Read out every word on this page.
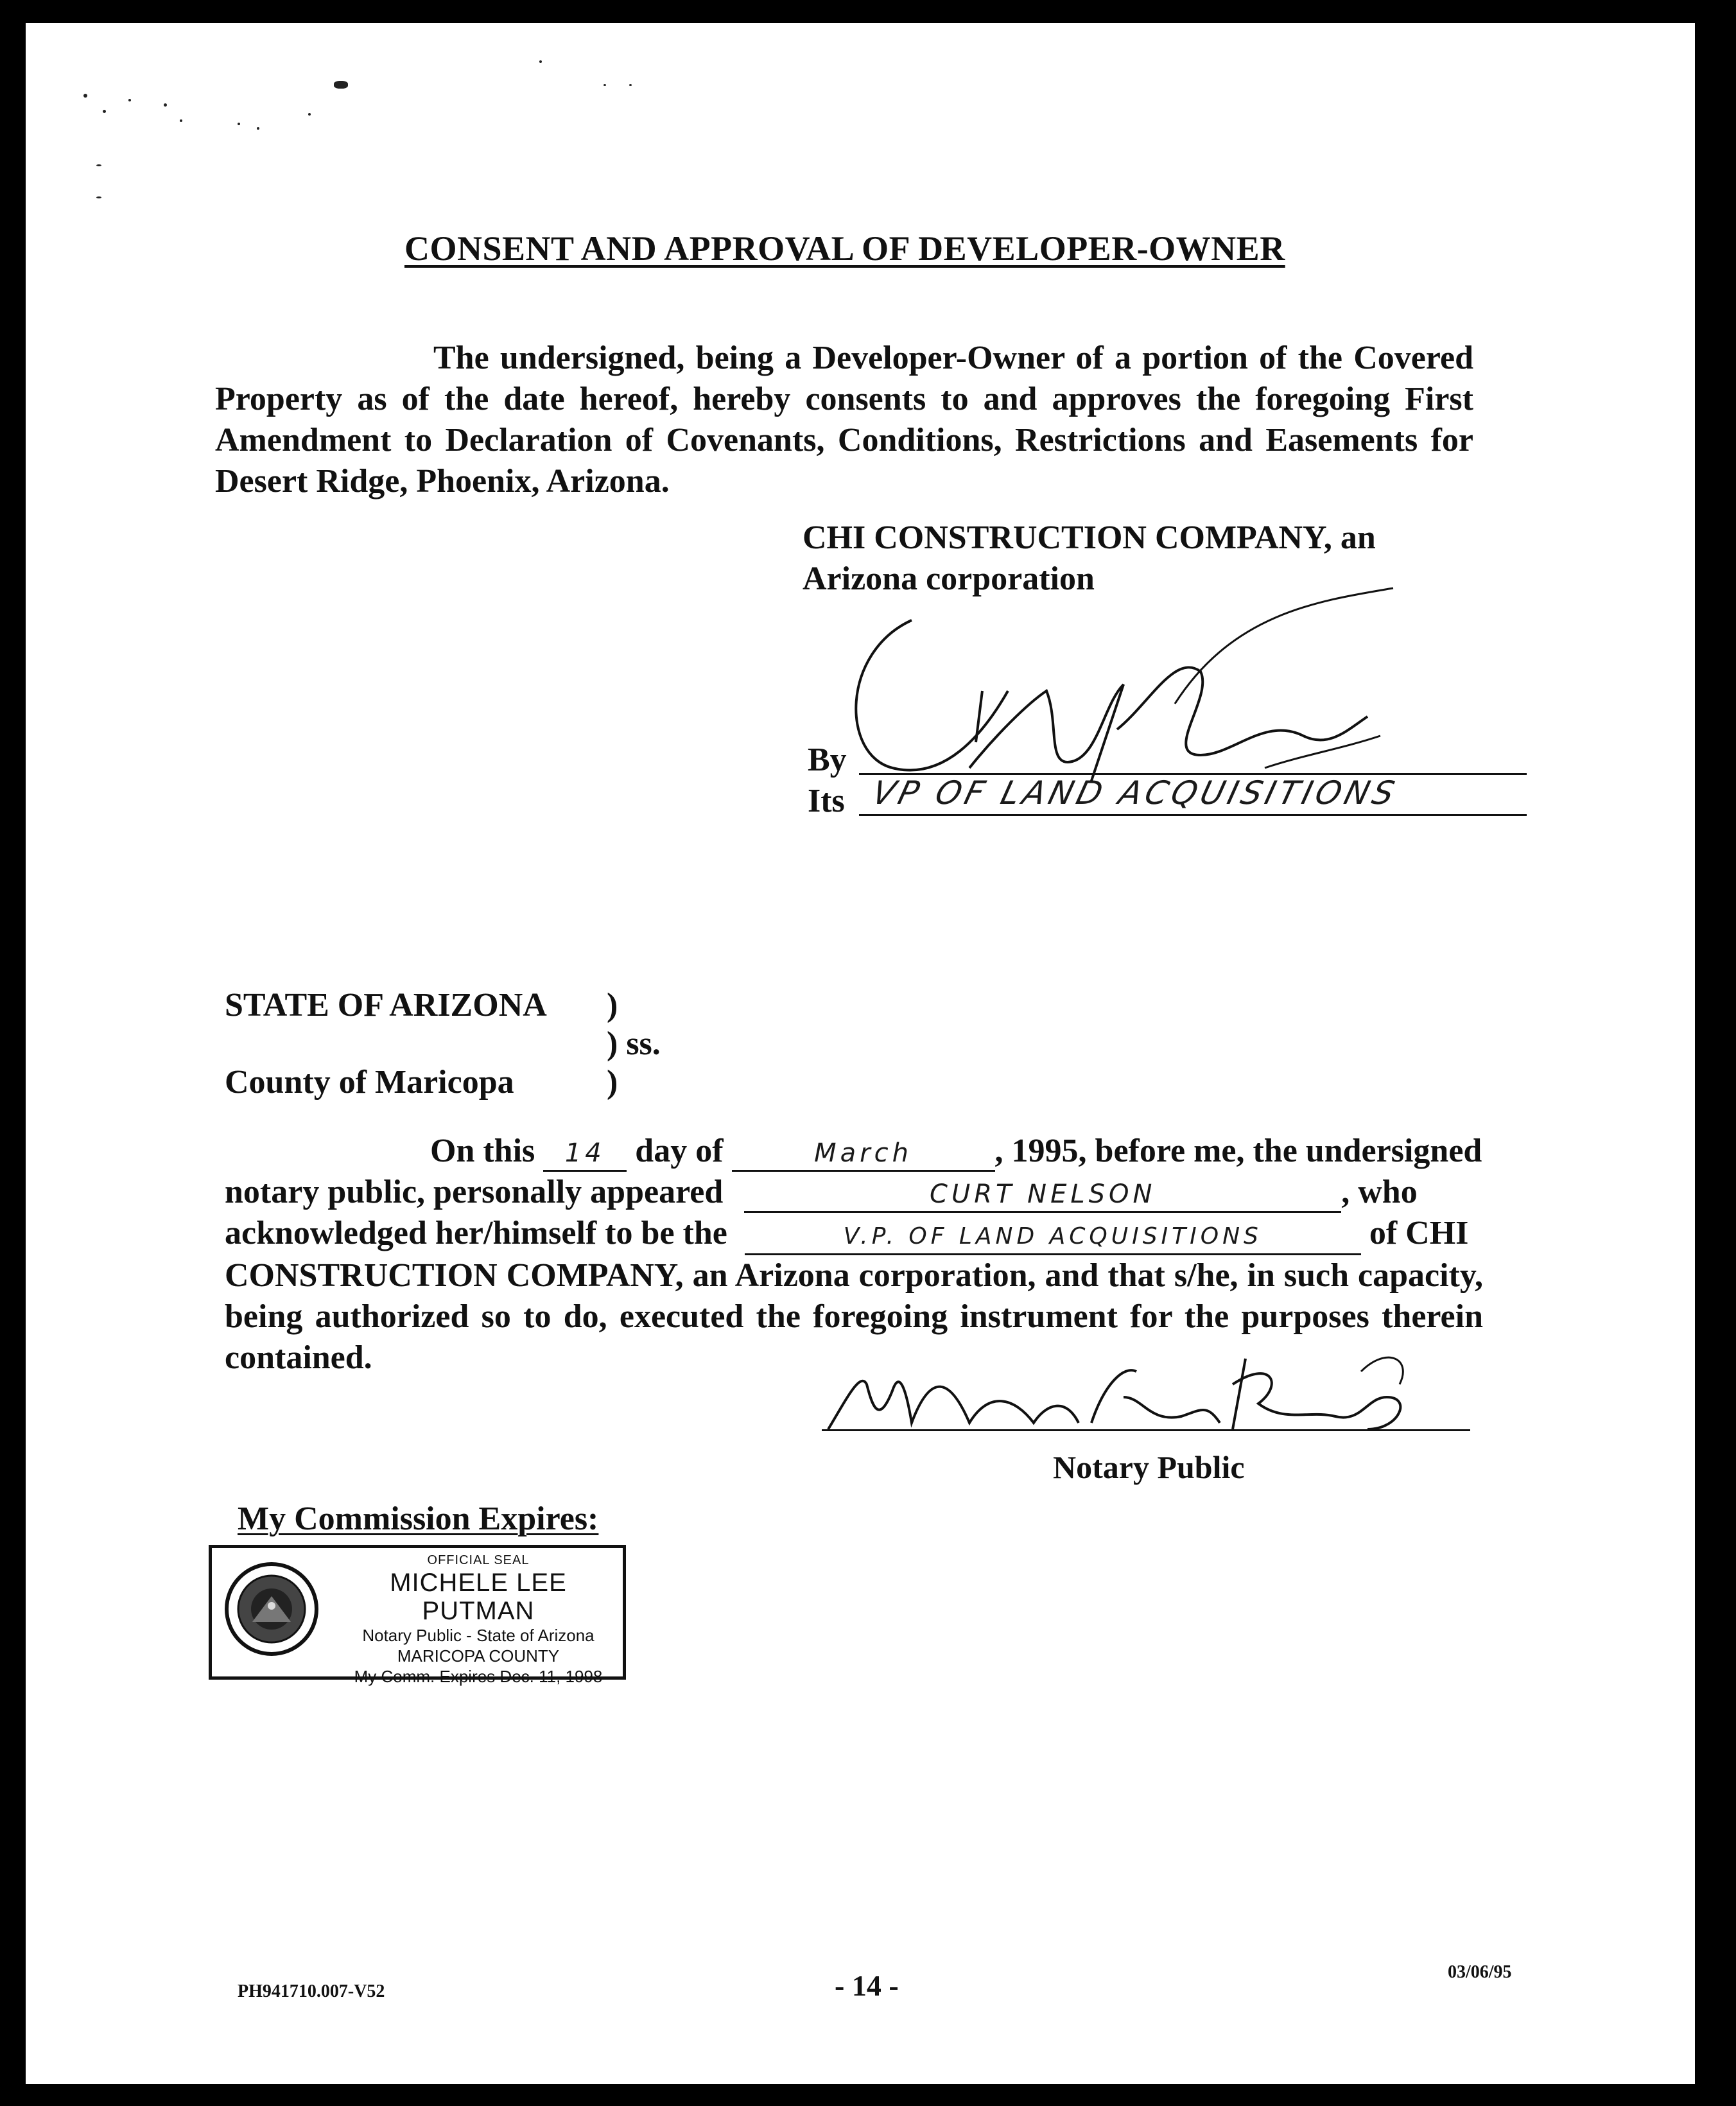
CONSENT AND APPROVAL OF DEVELOPER-OWNER
The undersigned, being a Developer-Owner of a portion of the Covered Property as of the date hereof, hereby consents to and approves the foregoing First Amendment to Declaration of Covenants, Conditions, Restrictions and Easements for Desert Ridge, Phoenix, Arizona.
CHI CONSTRUCTION COMPANY, an
Arizona corporation
By
Its VP OF LAND ACQUISITIONS
STATE OF ARIZONA )
) ss.
County of Maricopa	)
On this 14 day of	March , 1995, before me, the undersigned
notary public, personally appeared	CURT NELSON	, who
acknowledged her/himself to be the	V.P. OF LAND ACQUISITIONS	of CHI
CONSTRUCTION COMPANY, an Arizona corporation, and that s/he, in such capacity, being authorized so to do, executed the foregoing instrument for the purposes therein contained.
Notary Public
My Commission Expires:
OFFICIAL SEAL
MICHELE LEE PUTMAN
Notary Public - State of Arizona
MARICOPA COUNTY
My Comm. Expires Dec. 11, 1998
PH941710.007-V52	- 14 -	03/06/95
